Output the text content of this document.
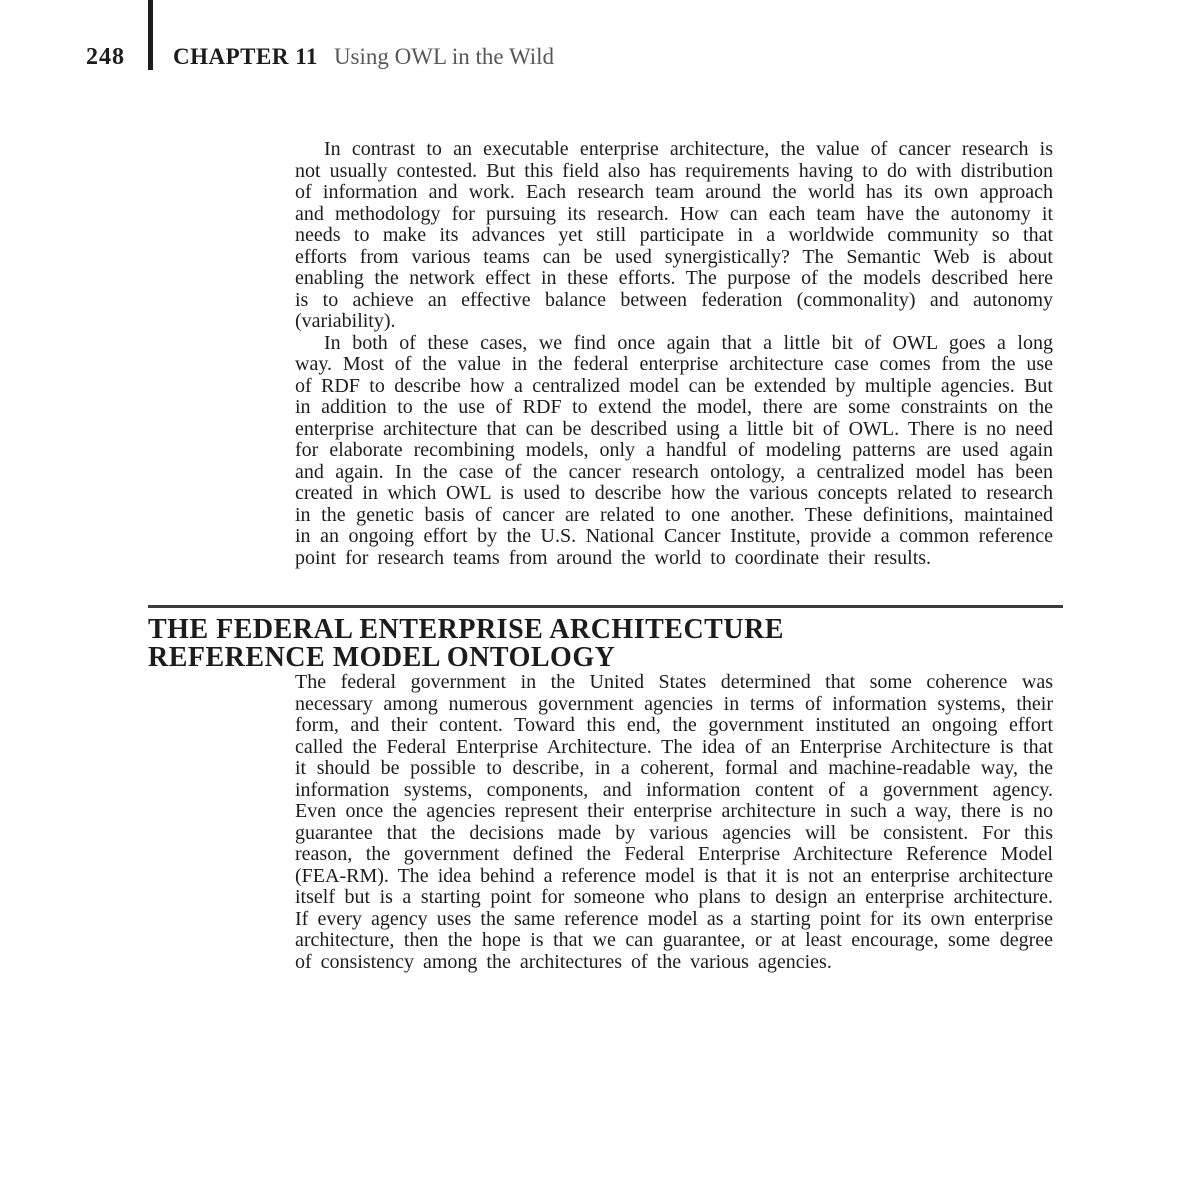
248 CHAPTER 11 Using OWL in the Wild

In contrast to an executable enterprise architecture, the value of cancer research is not usually contested. But this field also has requirements having to do with distribution of information and work. Each research team around the world has its own approach and methodology for pursuing its research. How can each team have the autonomy it needs to make its advances yet still participate in a worldwide community so that efforts from various teams can be used synergistically? The Semantic Web is about enabling the network effect in these efforts. The purpose of the models described here is to achieve an effective balance between federation (commonality) and autonomy (variability).

In both of these cases, we find once again that a little bit of OWL goes a long way. Most of the value in the federal enterprise architecture case comes from the use of RDF to describe how a centralized model can be extended by multiple agencies. But in addition to the use of RDF to extend the model, there are some constraints on the enterprise architecture that can be described using a little bit of OWL. There is no need for elaborate recombining models, only a handful of modeling patterns are used again and again. In the case of the cancer research ontology, a centralized model has been created in which OWL is used to describe how the various concepts related to research in the genetic basis of cancer are related to one another. These definitions, maintained in an ongoing effort by the U.S. National Cancer Institute, provide a common reference point for research teams from around the world to coordinate their results.

THE FEDERAL ENTERPRISE ARCHITECTURE REFERENCE MODEL ONTOLOGY

The federal government in the United States determined that some coherence was necessary among numerous government agencies in terms of information systems, their form, and their content. Toward this end, the government instituted an ongoing effort called the Federal Enterprise Architecture. The idea of an Enterprise Architecture is that it should be possible to describe, in a coherent, formal and machine-readable way, the information systems, components, and information content of a government agency. Even once the agencies represent their enterprise architecture in such a way, there is no guarantee that the decisions made by various agencies will be consistent. For this reason, the government defined the Federal Enterprise Architecture Reference Model (FEA-RM). The idea behind a reference model is that it is not an enterprise architecture itself but is a starting point for someone who plans to design an enterprise architecture. If every agency uses the same reference model as a starting point for its own enterprise architecture, then the hope is that we can guarantee, or at least encourage, some degree of consistency among the architectures of the various agencies.
